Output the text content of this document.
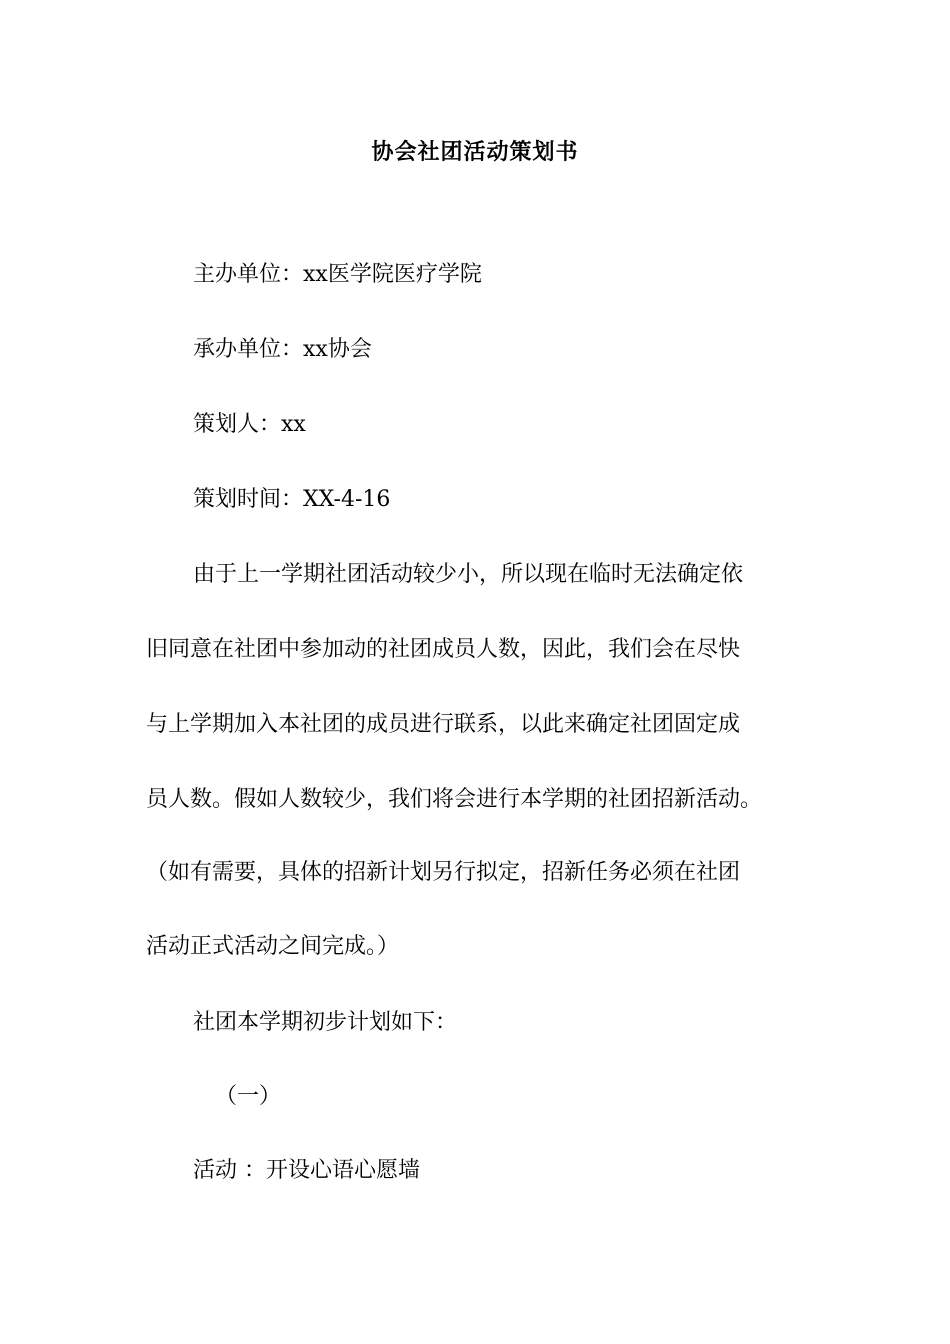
协会社团活动策划书
主办单位：xx医学院医疗学院
承办单位：xx协会
策划人：xx
策划时间：XX-4-16
由于上一学期社团活动较少小，所以现在临时无法确定依
旧同意在社团中参加动的社团成员人数，因此，我们会在尽快
与上学期加入本社团的成员进行联系，以此来确定社团固定成
员人数。假如人数较少，我们将会进行本学期的社团招新活动。
（如有需要，具体的招新计划另行拟定，招新任务必须在社团
活动正式活动之间完成。）
社团本学期初步计划如下：
（一）
活动 ：开设心语心愿墙
